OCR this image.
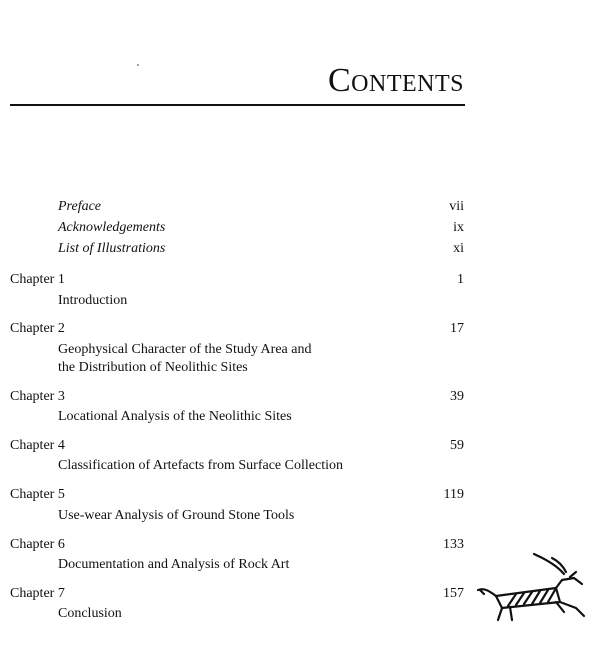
CONTENTS
Preface	vii
Acknowledgements	ix
List of Illustrations	xi
Chapter 1	1
Introduction
Chapter 2	17
Geophysical Character of the Study Area and
the Distribution of Neolithic Sites
Chapter 3	39
Locational Analysis of the Neolithic Sites
Chapter 4	59
Classification of Artefacts from Surface Collection
Chapter 5	119
Use-wear Analysis of Ground Stone Tools
Chapter 6	133
Documentation and Analysis of Rock Art
Chapter 7	157
Conclusion
